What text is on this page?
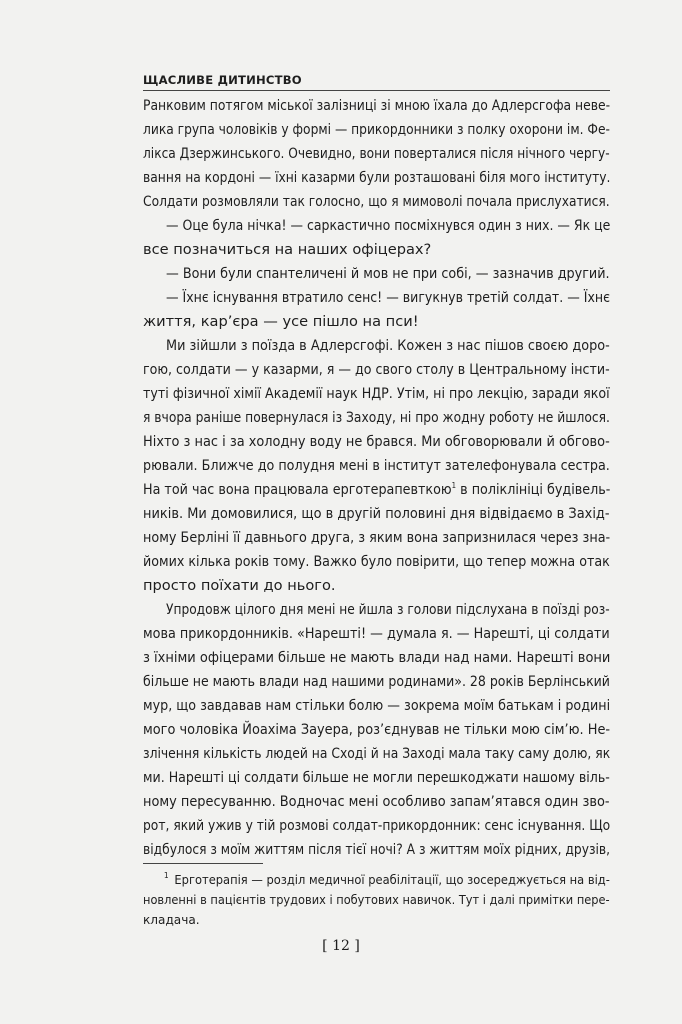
ЩАСЛИВЕ ДИТИНСТВО

Ранковим потягом міської залізниці зі мною їхала до Адлерсгофа неве-

лика група чоловіків у формі — прикордонники з полку охорони ім. Фе-

лікса Дзержинського. Очевидно, вони поверталися після нічного чергу-

вання на кордоні — їхні казарми були розташовані біля мого інституту.

Солдати розмовляли так голосно, що я мимоволі почала прислухатися.

— Оце була нічка! — саркастично посміхнувся один з них. — Як це

все позначиться на наших офіцерах?

— Вони були спантеличені й мов не при собі, — зазначив другий.

— Їхнє існування втратило сенс! — вигукнув третій солдат. — Їхнє

життя, кар’єра — усе пішло на пси!

Ми зійшли з поїзда в Адлерсгофі. Кожен з нас пішов своєю доро-

гою, солдати — у казарми, я — до свого столу в Центральному інсти-

туті фізичної хімії Академії наук НДР. Утім, ні про лекцію, заради якої

я вчора раніше повернулася із Заходу, ні про жодну роботу не йшлося.

Ніхто з нас і за холодну воду не брався. Ми обговорювали й обгово-

рювали. Ближче до полудня мені в інститут зателефонувала сестра.

На той час вона працювала ерготерапевткою$^1$ в поліклініці будівель-

ників. Ми домовилися, що в другій половині дня відвідаємо в Захід-

ному Берліні її давнього друга, з яким вона запризнилася через зна-

йомих кілька років тому. Важко було повірити, що тепер можна отак

просто поїхати до нього.

Упродовж цілого дня мені не йшла з голови підслухана в поїзді роз-

мова прикордонників. «Нарешті! — думала я. — Нарешті, ці солдати

з їхніми офіцерами більше не мають влади над нами. Нарешті вони

більше не мають влади над нашими родинами». 28 років Берлінський

мур, що завдавав нам стільки болю — зокрема моїм батькам і родині

мого чоловіка Йоахіма Зауера, роз’єднував не тільки мою сім’ю. Не-

злічення кількість людей на Сході й на Заході мала таку саму долю, як

ми. Нарешті ці солдати більше не могли перешкоджати нашому віль-

ному пересуванню. Водночас мені особливо запам’ятався один зво-

рот, який ужив у тій розмові солдат-прикордонник: сенс існування. Що

відбулося з моїм життям після тієї ночі? А з життям моїх рідних, друзів,

$^1$ Ерготерапія — розділ медичної реабілітації, що зосереджується на від-

новленні в пацієнтів трудових і побутових навичок. Тут і далі примітки пере-

кладача.

[ 12 ]
